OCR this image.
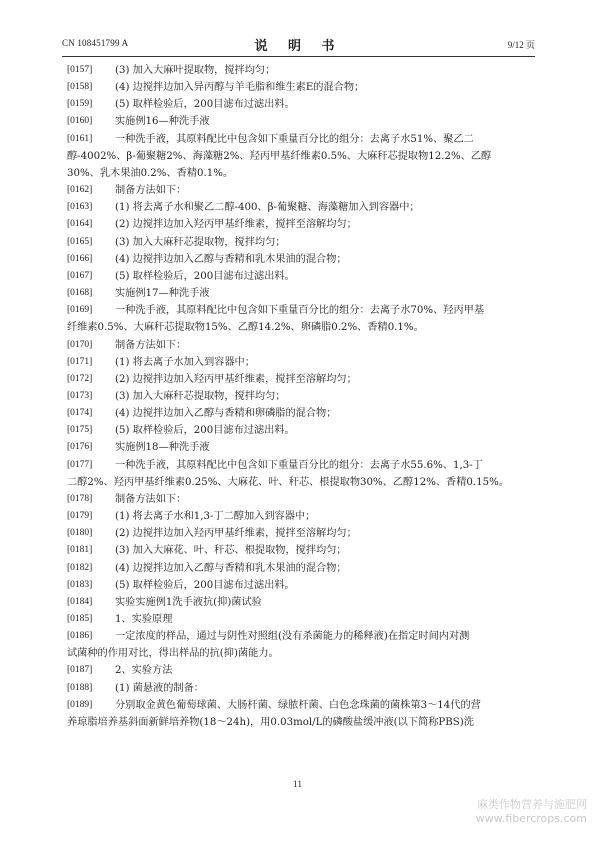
CN 108451799 A	说 明 书	9/12 页
[0157] (3) 加入大麻叶提取物，搅拌均匀；
[0158] (4) 边搅拌边加入异丙醇与羊毛脂和维生素E的混合物；
[0159] (5) 取样检验后，200目滤布过滤出料。
[0160] 实施例16—种洗手液
[0161] 一种洗手液，其原料配比中包含如下重量百分比的组分：去离子水51%、聚乙二
醇-4002%、β-葡聚糖2%、海藻糖2%、羟丙甲基纤维素0.5%、大麻秆芯提取物12.2%、乙醇
30%、乳木果油0.2%、香精0.1%。
[0162] 制备方法如下：
[0163] (1) 将去离子水和聚乙二醇-400、β-葡聚糖、海藻糖加入到容器中；
[0164] (2) 边搅拌边加入羟丙甲基纤维素，搅拌至溶解均匀；
[0165] (3) 加入大麻秆芯提取物，搅拌均匀；
[0166] (4) 边搅拌边加入乙醇与香精和乳木果油的混合物；
[0167] (5) 取样检验后，200目滤布过滤出料。
[0168] 实施例17—种洗手液
[0169] 一种洗手液，其原料配比中包含如下重量百分比的组分：去离子水70%、羟丙甲基
纤维素0.5%、大麻秆芯提取物15%、乙醇14.2%、卵磷脂0.2%、香精0.1%。
[0170] 制备方法如下：
[0171] (1) 将去离子水加入到容器中；
[0172] (2) 边搅拌边加入羟丙甲基纤维素，搅拌至溶解均匀；
[0173] (3) 加入大麻秆芯提取物，搅拌均匀；
[0174] (4) 边搅拌边加入乙醇与香精和卵磷脂的混合物；
[0175] (5) 取样检验后，200目滤布过滤出料。
[0176] 实施例18—种洗手液
[0177] 一种洗手液，其原料配比中包含如下重量百分比的组分：去离子水55.6%、1,3-丁
二醇2%、羟丙甲基纤维素0.25%、大麻花、叶、秆芯、根提取物30%、乙醇12%、香精0.15%。
[0178] 制备方法如下：
[0179] (1) 将去离子水和1,3-丁二醇加入到容器中；
[0180] (2) 边搅拌边加入羟丙甲基纤维素，搅拌至溶解均匀；
[0181] (3) 加入大麻花、叶、秆芯、根提取物，搅拌均匀；
[0182] (4) 边搅拌边加入乙醇与香精和乳木果油的混合物；
[0183] (5) 取样检验后，200目滤布过滤出料。
[0184] 实验实施例1洗手液抗(抑)菌试验
[0185] 1、实验原理
[0186] 一定浓度的样品，通过与阴性对照组(没有杀菌能力的稀释液)在指定时间内对测
试菌种的作用对比，得出样品的抗(抑)菌能力。
[0187] 2、实验方法
[0188] (1) 菌悬液的制备：
[0189] 分别取金黄色葡萄球菌、大肠杆菌、绿脓杆菌、白色念珠菌的菌株第3～14代的营
养琼脂培养基斜面新鲜培养物(18～24h)，用0.03mol/L的磷酸盐缓冲液(以下简称PBS)洗
11
麻类作物营养与施肥网
www.fibercrops.com
